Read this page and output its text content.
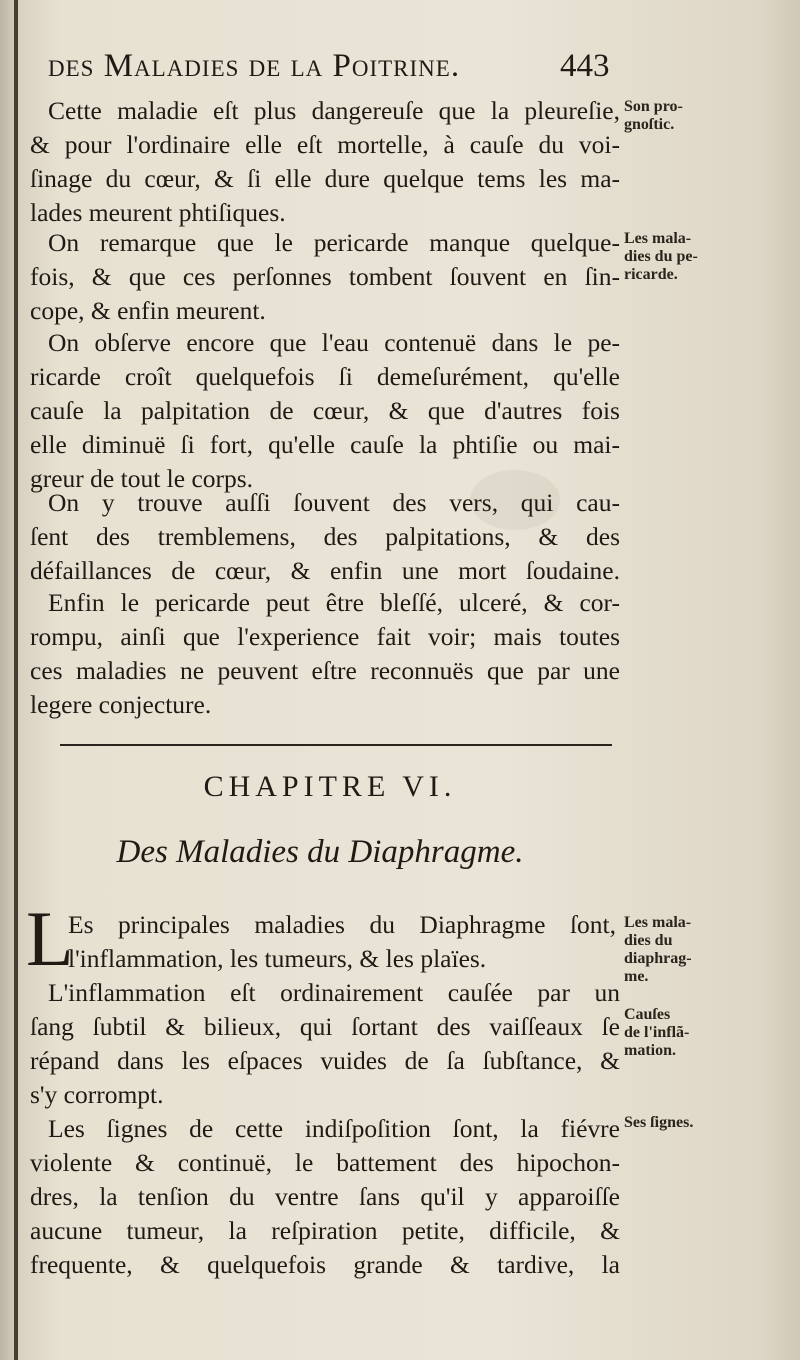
des Maladies de la Poitrine.	443
Cette maladie eſt plus dangereuſe que la pleureſie,
& pour l'ordinaire elle eſt mortelle, à cauſe du voi-
ſinage du cœur, & ſi elle dure quelque tems les ma-
lades meurent phtiſiques.
On remarque que le pericarde manque quelque-
fois, & que ces perſonnes tombent ſouvent en ſin-
cope, & enfin meurent.
On obſerve encore que l'eau contenuë dans le pe-
ricarde croît quelquefois ſi demeſurément, qu'elle
cauſe la palpitation de cœur, & que d'autres fois
elle diminuë ſi fort, qu'elle cauſe la phtiſie ou mai-
greur de tout le corps.
On y trouve auſſi ſouvent des vers, qui cau-
ſent des tremblemens, des palpitations, & des
défaillances de cœur, & enfin une mort ſoudaine.
Enfin le pericarde peut être bleſſé, ulceré, & cor-
rompu, ainſi que l'experience fait voir; mais toutes
ces maladies ne peuvent eſtre reconnuës que par une
legere conjecture.
Son pro-
gnoſtic.
Les mala-
dies du pe-
ricarde.
CHAPITRE VI.
Des Maladies du Diaphragme.
L
Es principales maladies du Diaphragme ſont,
l'inflammation, les tumeurs, & les plaïes.
L'inflammation eſt ordinairement cauſée par un
ſang ſubtil & bilieux, qui ſortant des vaiſſeaux ſe
répand dans les eſpaces vuides de ſa ſubſtance, &
s'y corrompt.
Les ſignes de cette indiſpoſition ſont, la fiévre
violente & continuë, le battement des hipochon-
dres, la tenſion du ventre ſans qu'il y apparoiſſe
aucune tumeur, la reſpiration petite, difficile, &
frequente, & quelquefois grande & tardive, la
Les mala-
dies du
diaphrag-
me.
Cauſes
de l'inflã-
mation.
Ses ſignes.
